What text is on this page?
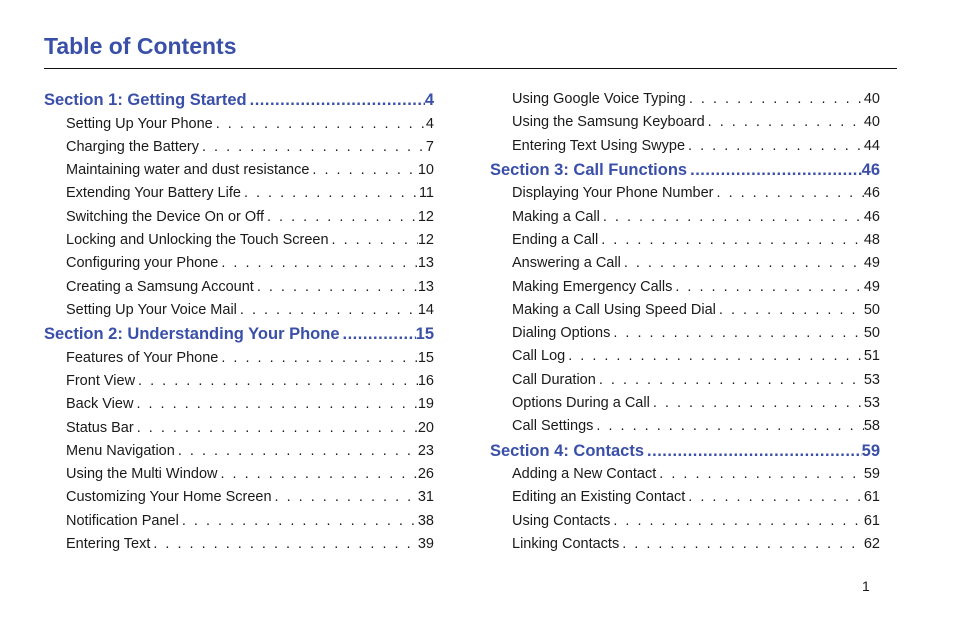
Table of Contents
Section 1: Getting Started .....	4
Setting Up Your Phone . . .	4
Charging the Battery . . .	7
Maintaining water and dust resistance . . .	10
Extending Your Battery Life . . .	11
Switching the Device On or Off . . .	12
Locking and Unlocking the Touch Screen . . .	12
Configuring your Phone . . .	13
Creating a Samsung Account . . .	13
Setting Up Your Voice Mail . . .	14
Section 2: Understanding Your Phone .....	15
Features of Your Phone . . .	15
Front View . . .	16
Back View . . .	19
Status Bar . . .	20
Menu Navigation . . .	23
Using the Multi Window . . .	26
Customizing Your Home Screen . . .	31
Notification Panel . . .	38
Entering Text . . .	39
Using Google Voice Typing . . .	40
Using the Samsung Keyboard . . .	40
Entering Text Using Swype . . .	44
Section 3: Call Functions .....	46
Displaying Your Phone Number . . .	46
Making a Call . . .	46
Ending a Call . . .	48
Answering a Call . . .	49
Making Emergency Calls . . .	49
Making a Call Using Speed Dial . . .	50
Dialing Options . . .	50
Call Log . . .	51
Call Duration . . .	53
Options During a Call . . .	53
Call Settings . . .	58
Section 4: Contacts .....	59
Adding a New Contact . . .	59
Editing an Existing Contact . . .	61
Using Contacts . . .	61
Linking Contacts . . .	62
1
